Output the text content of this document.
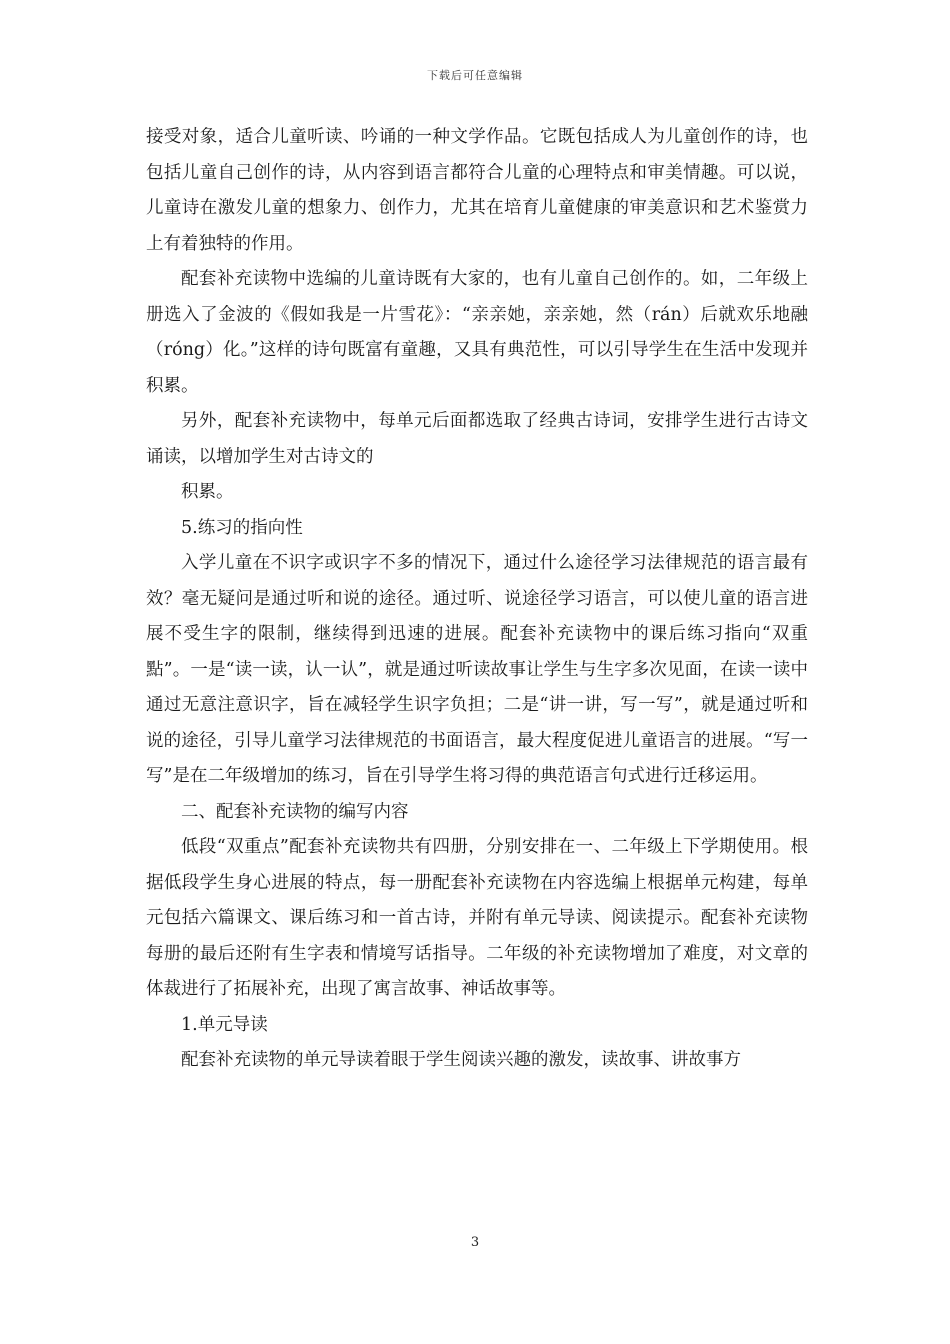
下载后可任意编辑

接受对象，适合儿童听读、吟诵的一种文学作品。它既包括成人为儿童创作的诗，也包括儿童自己创作的诗，从内容到语言都符合儿童的心理特点和审美情趣。可以说，儿童诗在激发儿童的想象力、创作力，尤其在培育儿童健康的审美意识和艺术鉴赏力上有着独特的作用。

配套补充读物中选编的儿童诗既有大家的，也有儿童自己创作的。如，二年级上册选入了金波的《假如我是一片雪花》：“亲亲她，亲亲她，然（rán）后就欢乐地融（róng）化。”这样的诗句既富有童趣，又具有典范性，可以引导学生在生活中发现并积累。

另外，配套补充读物中，每单元后面都选取了经典古诗词，安排学生进行古诗文诵读，以增加学生对古诗文的

积累。

5.练习的指向性

入学儿童在不识字或识字不多的情况下，通过什么途径学习法律规范的语言最有效？毫无疑问是通过听和说的途径。通过听、说途径学习语言，可以使儿童的语言进展不受生字的限制，继续得到迅速的进展。配套补充读物中的课后练习指向“双重點”。一是“读一读，认一认”，就是通过听读故事让学生与生字多次见面，在读一读中通过无意注意识字，旨在减轻学生识字负担；二是“讲一讲，写一写”，就是通过听和说的途径，引导儿童学习法律规范的书面语言，最大程度促进儿童语言的进展。“写一写”是在二年级增加的练习，旨在引导学生将习得的典范语言句式进行迁移运用。

二、配套补充读物的编写内容

低段“双重点”配套补充读物共有四册，分别安排在一、二年级上下学期使用。根据低段学生身心进展的特点，每一册配套补充读物在内容选编上根据单元构建，每单元包括六篇课文、课后练习和一首古诗，并附有单元导读、阅读提示。配套补充读物每册的最后还附有生字表和情境写话指导。二年级的补充读物增加了难度，对文章的体裁进行了拓展补充，出现了寓言故事、神话故事等。

1.单元导读

配套补充读物的单元导读着眼于学生阅读兴趣的激发，读故事、讲故事方

3
